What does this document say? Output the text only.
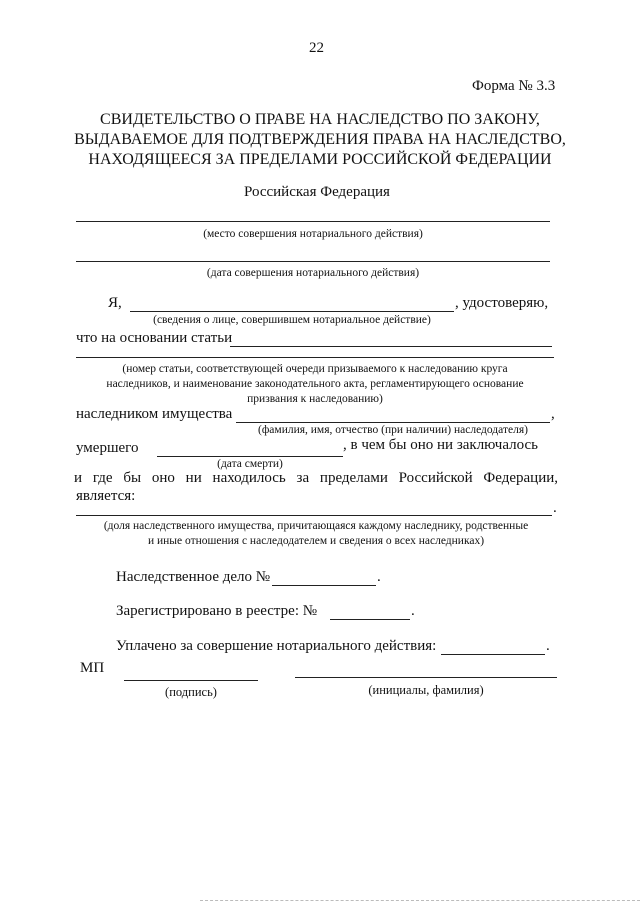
22
Форма № 3.3
СВИДЕТЕЛЬСТВО О ПРАВЕ НА НАСЛЕДСТВО ПО ЗАКОНУ,
ВЫДАВАЕМОЕ ДЛЯ ПОДТВЕРЖДЕНИЯ ПРАВА НА НАСЛЕДСТВО,
НАХОДЯЩЕЕСЯ ЗА ПРЕДЕЛАМИ РОССИЙСКОЙ ФЕДЕРАЦИИ
Российская Федерация
(место совершения нотариального действия)
(дата совершения нотариального действия)
Я,	, удостоверяю,
(сведения о лице, совершившем нотариальное действие)
что на основании статьи
(номер статьи, соответствующей очереди призываемого к наследованию круга
наследников, и наименование законодательного акта, регламентирующего основание
призвания к наследованию)
наследником имущества	,
(фамилия, имя, отчество (при наличии) наследодателя)
умершего	, в чем бы оно ни заключалось
(дата смерти)
и где бы оно ни находилось за пределами Российской Федерации,
является:
.
(доля наследственного имущества, причитающаяся каждому наследнику, родственные
и иные отношения с наследодателем и сведения о всех наследниках)
Наследственное дело №	.
Зарегистрировано в реестре: №	.
Уплачено за совершение нотариального действия:	.
МП
(подпись)	(инициалы, фамилия)
